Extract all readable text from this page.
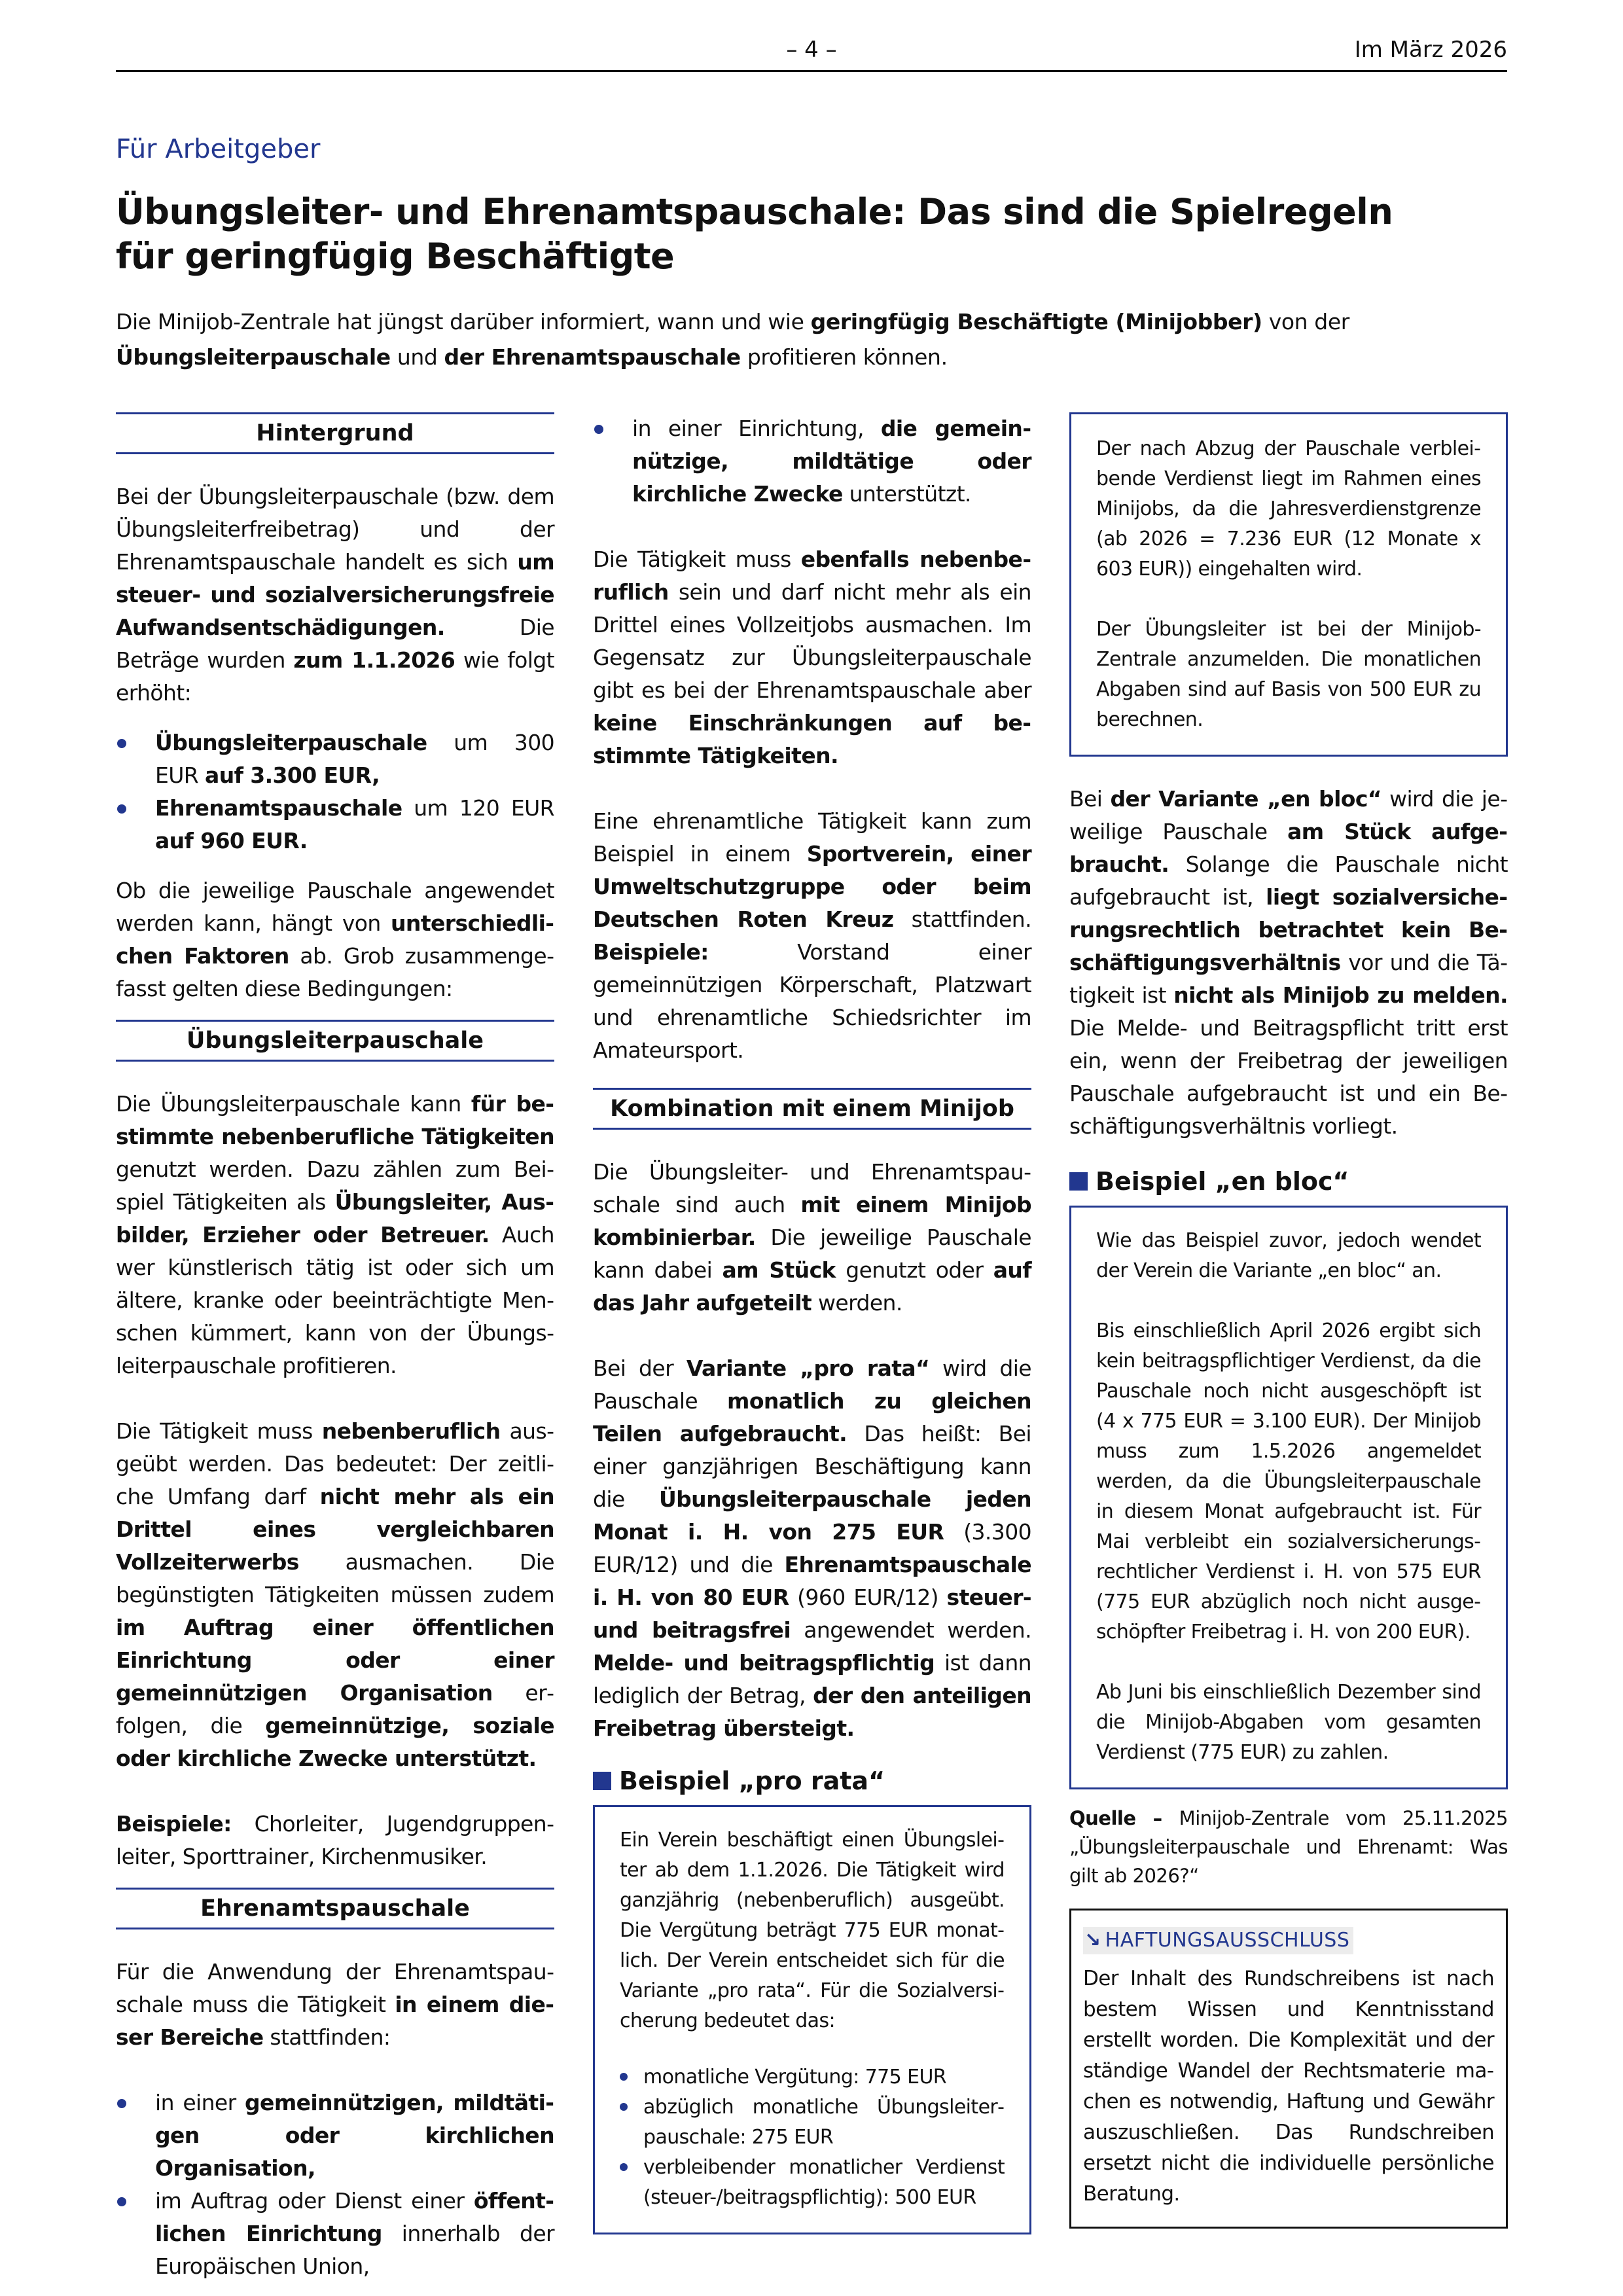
– 4 –	Im März 2026
Für Arbeitgeber
Übungsleiter- und Ehrenamtspauschale: Das sind die Spielregeln
für geringfügig Beschäftigte

Die Minijob-Zentrale hat jüngst darüber informiert, wann und wie geringfügig Beschäftigte (Minijobber) von der Übungsleiterpauschale und der Ehrenamtspauschale profitieren können.

Hintergrund

Bei der Übungsleiterpauschale (bzw. dem Übungsleiterfreibetrag) und der Ehrenamtspauschale handelt es sich um steuer- und sozialversicherungsfreie Aufwandsentschädigungen. Die Beträge wurden zum 1.1.2026 wie folgt erhöht:

Übungsleiterpauschale um 300 EUR auf 3.300 EUR,
Ehrenamtspauschale um 120 EUR auf 960 EUR.

Ob die jeweilige Pauschale angewendet werden kann, hängt von unterschiedlichen Faktoren ab. Grob zusammengefasst gelten diese Bedingungen:

Übungsleiterpauschale

Die Übungsleiterpauschale kann für bestimmte nebenberufliche Tätigkeiten genutzt werden. Dazu zählen zum Beispiel Tätigkeiten als Übungsleiter, Ausbilder, Erzieher oder Betreuer. Auch wer künstlerisch tätig ist oder sich um ältere, kranke oder beeinträchtigte Menschen kümmert, kann von der Übungsleiterpauschale profitieren.

Die Tätigkeit muss nebenberuflich ausgeübt werden. Das bedeutet: Der zeitliche Umfang darf nicht mehr als ein Drittel eines vergleichbaren Vollzeiterwerbs ausmachen. Die begünstigten Tätigkeiten müssen zudem im Auftrag einer öffentlichen Einrichtung oder einer gemeinnützigen Organisation erfolgen, die gemeinnützige, soziale oder kirchliche Zwecke unterstützt.

Beispiele: Chorleiter, Jugendgruppenleiter, Sporttrainer, Kirchenmusiker.

Ehrenamtspauschale

Für die Anwendung der Ehrenamtspauschale muss die Tätigkeit in einem dieser Bereiche stattfinden:

in einer gemeinnützigen, mildtätigen oder kirchlichen Organisation,
im Auftrag oder Dienst einer öffentlichen Einrichtung innerhalb der Europäischen Union,
in einer Einrichtung, die gemeinnützige, mildtätige oder kirchliche Zwecke unterstützt.

Die Tätigkeit muss ebenfalls nebenberuflich sein und darf nicht mehr als ein Drittel eines Vollzeitjobs ausmachen. Im Gegensatz zur Übungsleiterpauschale gibt es bei der Ehrenamtspauschale aber keine Einschränkungen auf bestimmte Tätigkeiten.

Eine ehrenamtliche Tätigkeit kann zum Beispiel in einem Sportverein, einer Umweltschutzgruppe oder beim Deutschen Roten Kreuz stattfinden. Beispiele: Vorstand einer gemeinnützigen Körperschaft, Platzwart und ehrenamtliche Schiedsrichter im Amateursport.

Kombination mit einem Minijob

Die Übungsleiter- und Ehrenamtspauschale sind auch mit einem Minijob kombinierbar. Die jeweilige Pauschale kann dabei am Stück genutzt oder auf das Jahr aufgeteilt werden.

Bei der Variante „pro rata“ wird die Pauschale monatlich zu gleichen Teilen aufgebraucht. Das heißt: Bei einer ganzjährigen Beschäftigung kann die Übungsleiterpauschale jeden Monat i. H. von 275 EUR (3.300 EUR/12) und die Ehrenamtspauschale i. H. von 80 EUR (960 EUR/12) steuer- und beitragsfrei angewendet werden. Melde- und beitragspflichtig ist dann lediglich der Betrag, der den anteiligen Freibetrag übersteigt.

Beispiel „pro rata“

Ein Verein beschäftigt einen Übungsleiter ab dem 1.1.2026. Die Tätigkeit wird ganzjährig (nebenberuflich) ausgeübt. Die Vergütung beträgt 775 EUR monatlich. Der Verein entscheidet sich für die Variante „pro rata“. Für die Sozialversicherung bedeutet das:

monatliche Vergütung: 775 EUR
abzüglich monatliche Übungsleiterpauschale: 275 EUR
verbleibender monatlicher Verdienst (steuer-/beitragspflichtig): 500 EUR

Der nach Abzug der Pauschale verbleibende Verdienst liegt im Rahmen eines Minijobs, da die Jahresverdienstgrenze (ab 2026 = 7.236 EUR (12 Monate x 603 EUR)) eingehalten wird.

Der Übungsleiter ist bei der Minijob-Zentrale anzumelden. Die monatlichen Abgaben sind auf Basis von 500 EUR zu berechnen.

Bei der Variante „en bloc“ wird die jeweilige Pauschale am Stück aufgebraucht. Solange die Pauschale nicht aufgebraucht ist, liegt sozialversicherungsrechtlich betrachtet kein Beschäftigungsverhältnis vor und die Tätigkeit ist nicht als Minijob zu melden. Die Melde- und Beitragspflicht tritt erst ein, wenn der Freibetrag der jeweiligen Pauschale aufgebraucht ist und ein Beschäftigungsverhältnis vorliegt.

Beispiel „en bloc“

Wie das Beispiel zuvor, jedoch wendet der Verein die Variante „en bloc“ an.

Bis einschließlich April 2026 ergibt sich kein beitragspflichtiger Verdienst, da die Pauschale noch nicht ausgeschöpft ist (4 x 775 EUR = 3.100 EUR). Der Minijob muss zum 1.5.2026 angemeldet werden, da die Übungsleiterpauschale in diesem Monat aufgebraucht ist. Für Mai verbleibt ein sozialversicherungsrechtlicher Verdienst i. H. von 575 EUR (775 EUR abzüglich noch nicht ausgeschöpfter Freibetrag i. H. von 200 EUR).

Ab Juni bis einschließlich Dezember sind die Minijob-Abgaben vom gesamten Verdienst (775 EUR) zu zahlen.

Quelle – Minijob-Zentrale vom 25.11.2025 „Übungsleiterpauschale und Ehrenamt: Was gilt ab 2026?“

↘ HAFTUNGSAUSSCHLUSS

Der Inhalt des Rundschreibens ist nach bestem Wissen und Kenntnisstand erstellt worden. Die Komplexität und der ständige Wandel der Rechtsmaterie machen es notwendig, Haftung und Gewähr auszuschließen. Das Rundschreiben ersetzt nicht die individuelle persönliche Beratung.
